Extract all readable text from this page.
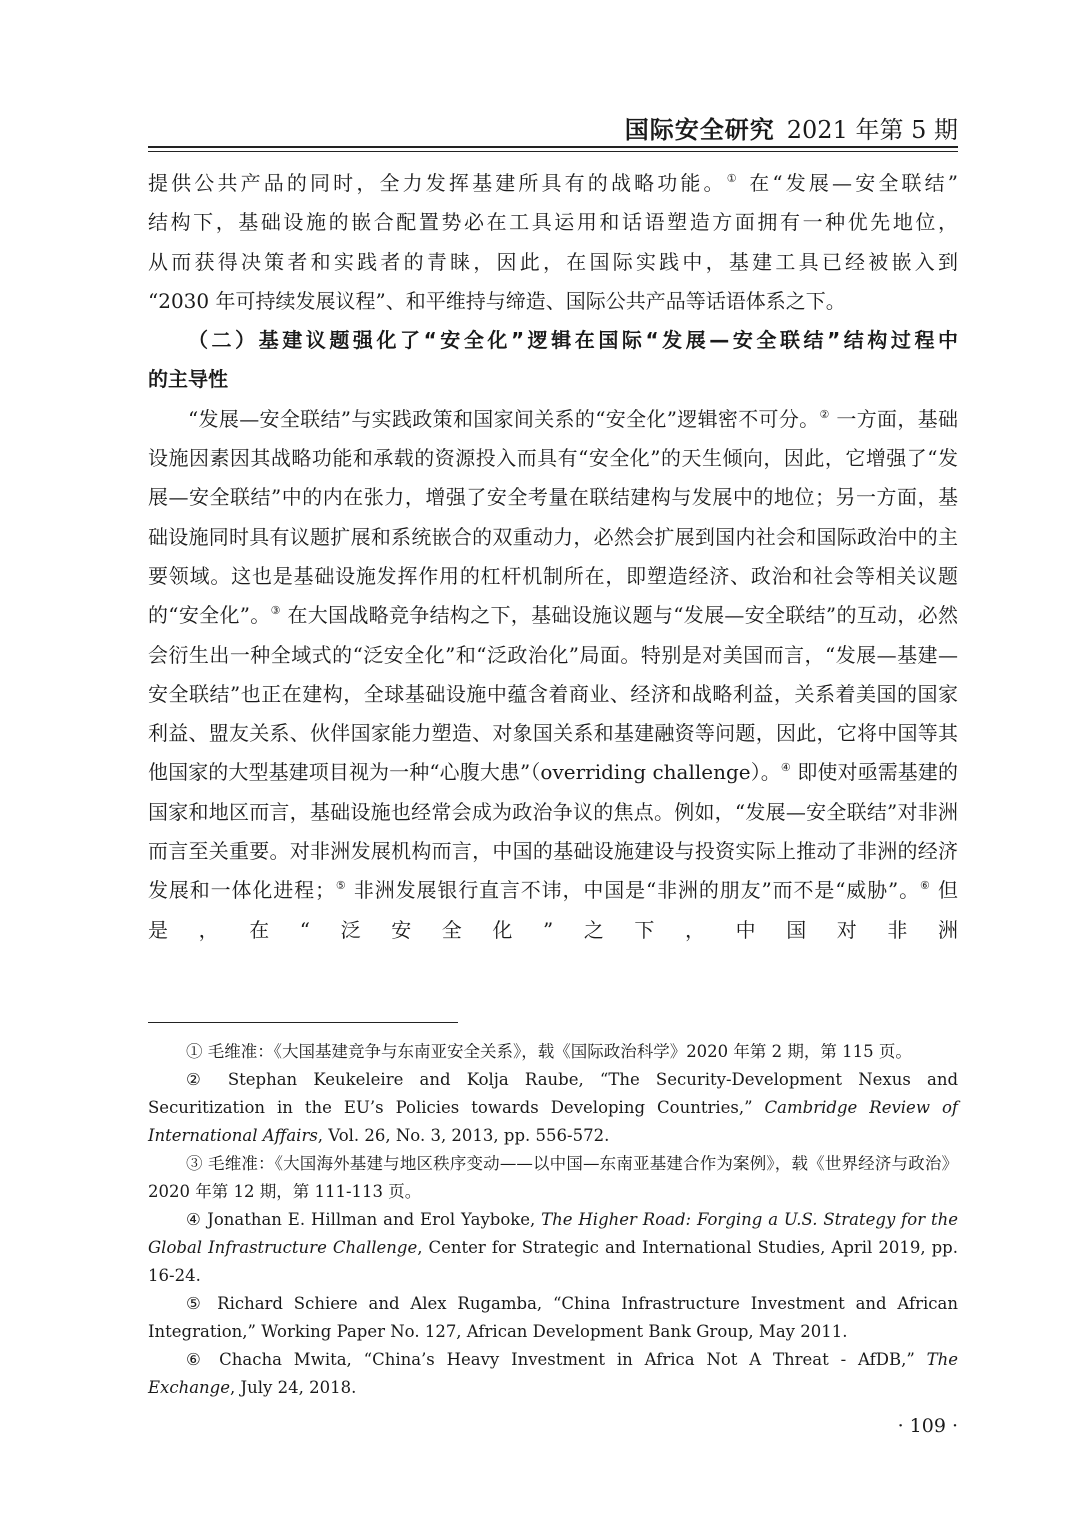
国际安全研究 2021 年第 5 期

提供公共产品的同时，全力发挥基建所具有的战略功能。① 在“发展—安全联结”

结构下，基础设施的嵌合配置势必在工具运用和话语塑造方面拥有一种优先地位，

从而获得决策者和实践者的青睐，因此，在国际实践中，基建工具已经被嵌入到

“2030 年可持续发展议程”、和平维持与缔造、国际公共产品等话语体系之下。

（二）基建议题强化了“安全化”逻辑在国际“发展—安全联结”结构过程中

的主导性

“发展—安全联结”与实践政策和国家间关系的“安全化”逻辑密不可分。② 一方面，基础设施因素因其战略功能和承载的资源投入而具有“安全化”的天生倾向，因此，它增强了“发展—安全联结”中的内在张力，增强了安全考量在联结建构与发展中的地位；另一方面，基础设施同时具有议题扩展和系统嵌合的双重动力，必然会扩展到国内社会和国际政治中的主要领域。这也是基础设施发挥作用的杠杆机制所在，即塑造经济、政治和社会等相关议题的“安全化”。③ 在大国战略竞争结构之下，基础设施议题与“发展—安全联结”的互动，必然会衍生出一种全域式的“泛安全化”和“泛政治化”局面。特别是对美国而言，“发展—基建—安全联结”也正在建构，全球基础设施中蕴含着商业、经济和战略利益，关系着美国的国家利益、盟友关系、伙伴国家能力塑造、对象国关系和基建融资等问题，因此，它将中国等其他国家的大型基建项目视为一种“心腹大患”（overriding challenge）。④ 即使对亟需基建的国家和地区而言，基础设施也经常会成为政治争议的焦点。例如，“发展—安全联结”对非洲而言至关重要。对非洲发展机构而言，中国的基础设施建设与投资实际上推动了非洲的经济发展和一体化进程；⑤ 非洲发展银行直言不讳，中国是“非洲的朋友”而不是“威胁”。⑥ 但是，在“泛安全化”之下，中国对非洲

① 毛维准：《大国基建竞争与东南亚安全关系》，载《国际政治科学》2020 年第 2 期，第 115 页。

② Stephan Keukeleire and Kolja Raube, “The Security-Development Nexus and Securitization in the EU’s Policies towards Developing Countries,” Cambridge Review of International Affairs, Vol. 26, No. 3, 2013, pp. 556-572.

③ 毛维准：《大国海外基建与地区秩序变动——以中国—东南亚基建合作为案例》，载《世界经济与政治》2020 年第 12 期，第 111-113 页。

④ Jonathan E. Hillman and Erol Yayboke, The Higher Road: Forging a U.S. Strategy for the Global Infrastructure Challenge, Center for Strategic and International Studies, April 2019, pp. 16-24.

⑤ Richard Schiere and Alex Rugamba, “China Infrastructure Investment and African Integration,” Working Paper No. 127, African Development Bank Group, May 2011.

⑥ Chacha Mwita, “China’s Heavy Investment in Africa Not A Threat - AfDB,” The Exchange, July 24, 2018.

· 109 ·
